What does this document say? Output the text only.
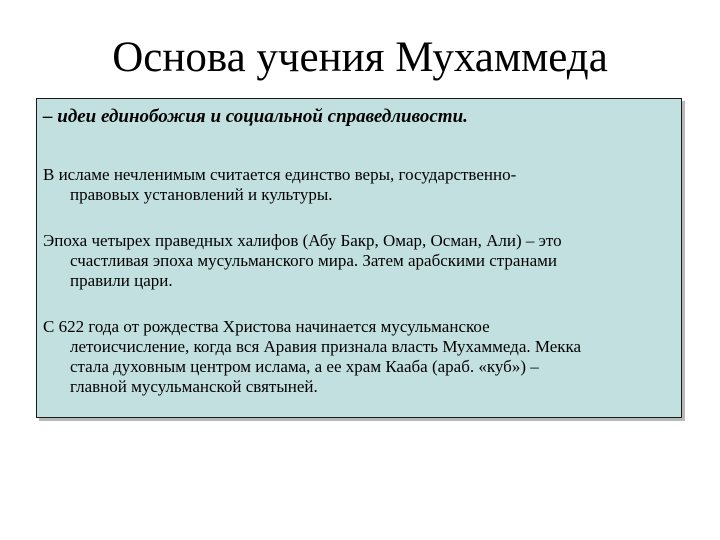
Основа учения Мухаммеда
– идеи единобожия и социальной справедливости.
В исламе нечленимым считается единство веры, государственно-
правовых установлений и культуры.
Эпоха четырех праведных халифов (Абу Бакр, Омар, Осман, Али) – это
счастливая эпоха мусульманского мира. Затем арабскими странами
правили цари.
С 622 года от рождества Христова начинается мусульманское
летоисчисление, когда вся Аравия признала власть Мухаммеда. Мекка
стала духовным центром ислама, а ее храм Кааба (араб. «куб») –
главной мусульманской святыней.
